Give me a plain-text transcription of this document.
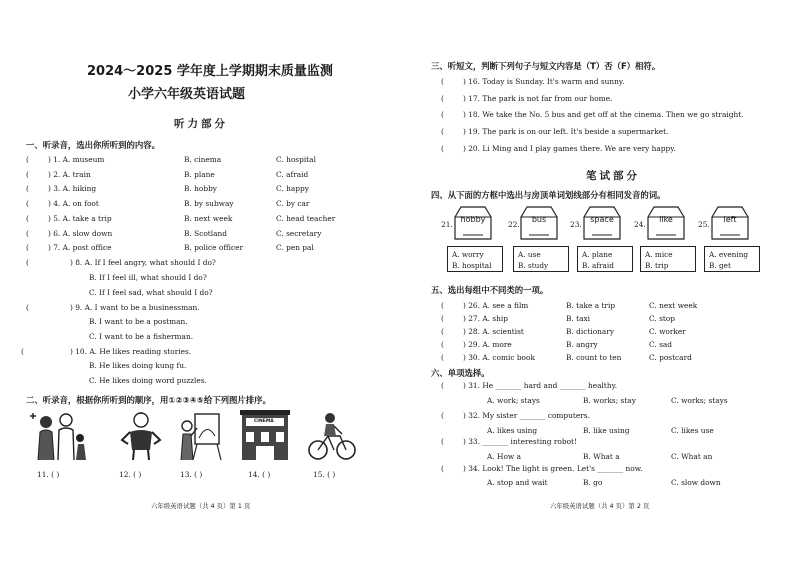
2024～2025 学年度上学期期末质量监测
小学六年级英语试题
听力部分
一、听录音，选出你所听到的内容。
(	) 1. A. museum	B. cinema	C. hospital
(	) 2. A. train	B. plane	C. afraid
(	) 3. A. hiking	B. hobby	C. happy
(	) 4. A. on foot	B. by subway	C. by car
(	) 5. A. take a trip	B. next week	C. head teacher
(	) 6. A. slow down	B. Scotland	C. secretary
(	) 7. A. post office	B. police officer	C. pen pal
(	) 8. A. If I feel angry, what should I do?
B. If I feel ill, what should I do?
C. If I feel sad, what should I do?
(	) 9. A. I want to be a businessman.
B. I want to be a postman.
C. I want to be a fisherman.
(	) 10. A. He likes reading stories.
B. He likes doing kung fu.
C. He likes doing word puzzles.
二、听录音，根据你所听到的顺序，用①②③④⑤给下列图片排序。
CINEMA
11. ( )	12. ( )	13. ( )	14. ( )	15. ( )
六年级英语试题（共 4 页）第 1 页
三、听短文，判断下列句子与短文内容是（T）否（F）相符。
(	) 16. Today is Sunday. It's warm and sunny.
(	) 17. The park is not far from our home.
(	) 18. We take the No. 5 bus and get off at the cinema. Then we go straight.
(	) 19. The park is on our left. It's beside a supermarket.
(	) 20. Li Ming and I play games there. We are very happy.
笔试部分
四、从下面的方框中选出与房顶单词划线部分有相同发音的词。
21.
hobby
A. worry
B. hospital
22.
bus
A. use
B. study
23.
space
A. plane
B. afraid
24.
like
A. mice
B. trip
25.
left
A. evening
B. get
五、选出每组中不同类的一项。
(	) 26. A. see a film	B. take a trip	C. next week
(	) 27. A. ship	B. taxi	C. stop
(	) 28. A. scientist	B. dictionary	C. worker
(	) 29. A. more	B. angry	C. sad
(	) 30. A. comic book	B. count to ten	C. postcard
六、单项选择。
(	) 31. He _______ hard and _______ healthy.
A. work; stays	B. works; stay	C. works; stays
(	) 32. My sister _______ computers.
A. likes using	B. like using	C. likes use
(	) 33. _______ interesting robot!
A. How a	B. What a	C. What an
(	) 34. Look! The light is green. Let's _______ now.
A. stop and wait	B. go	C. slow down
六年级英语试题（共 4 页）第 2 页
